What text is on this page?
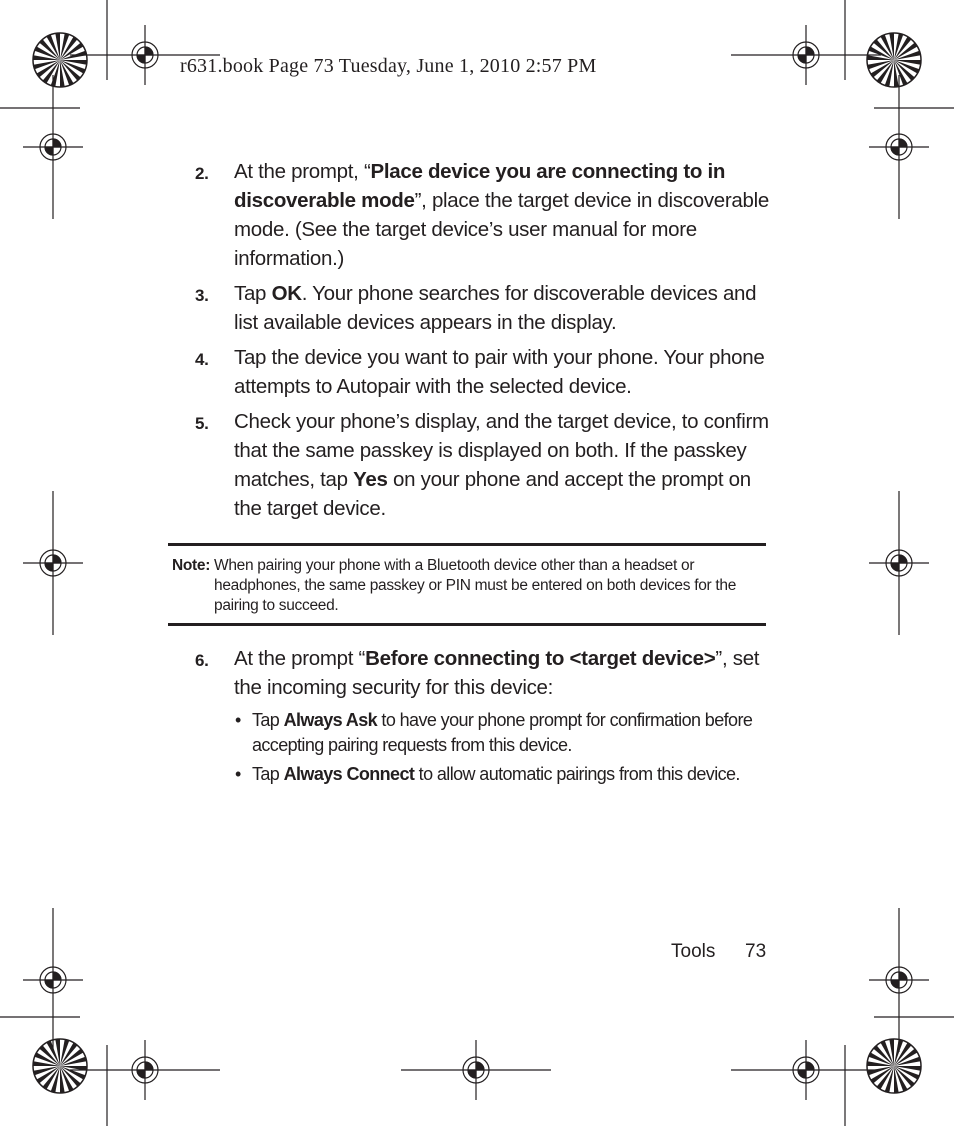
r631.book Page 73 Tuesday, June 1, 2010 2:57 PM

2. At the prompt, “Place device you are connecting to in discoverable mode”, place the target device in discoverable mode. (See the target device’s user manual for more information.)

3. Tap OK. Your phone searches for discoverable devices and list available devices appears in the display.

4. Tap the device you want to pair with your phone. Your phone attempts to Autopair with the selected device.

5. Check your phone’s display, and the target device, to confirm that the same passkey is displayed on both. If the passkey matches, tap Yes on your phone and accept the prompt on the target device.

Note: When pairing your phone with a Bluetooth device other than a headset or headphones, the same passkey or PIN must be entered on both devices for the pairing to succeed.

6. At the prompt “Before connecting to <target device>”, set the incoming security for this device:

• Tap Always Ask to have your phone prompt for confirmation before accepting pairing requests from this device.
• Tap Always Connect to allow automatic pairings from this device.
Tools 73
